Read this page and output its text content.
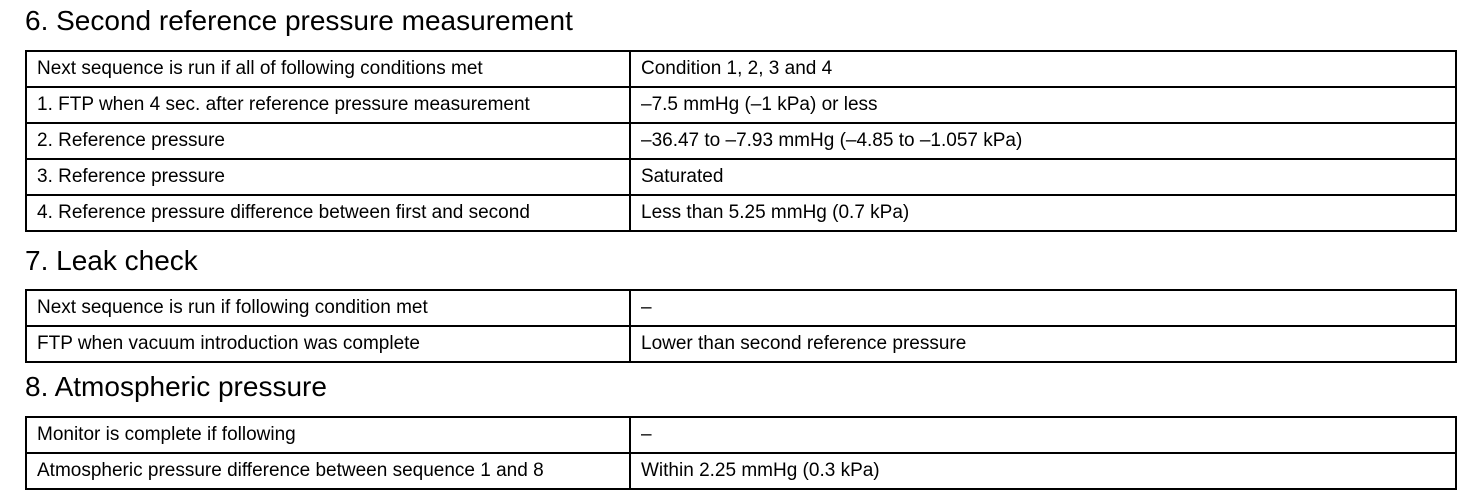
6. Second reference pressure measurement
Next sequence is run if all of following conditions met	Condition 1, 2, 3 and 4
1. FTP when 4 sec. after reference pressure measurement	–7.5 mmHg (–1 kPa) or less
2. Reference pressure	–36.47 to –7.93 mmHg (–4.85 to –1.057 kPa)
3. Reference pressure	Saturated
4. Reference pressure difference between first and second	Less than 5.25 mmHg (0.7 kPa)
7. Leak check
Next sequence is run if following condition met	–
FTP when vacuum introduction was complete	Lower than second reference pressure
8. Atmospheric pressure
Monitor is complete if following	–
Atmospheric pressure difference between sequence 1 and 8	Within 2.25 mmHg (0.3 kPa)
